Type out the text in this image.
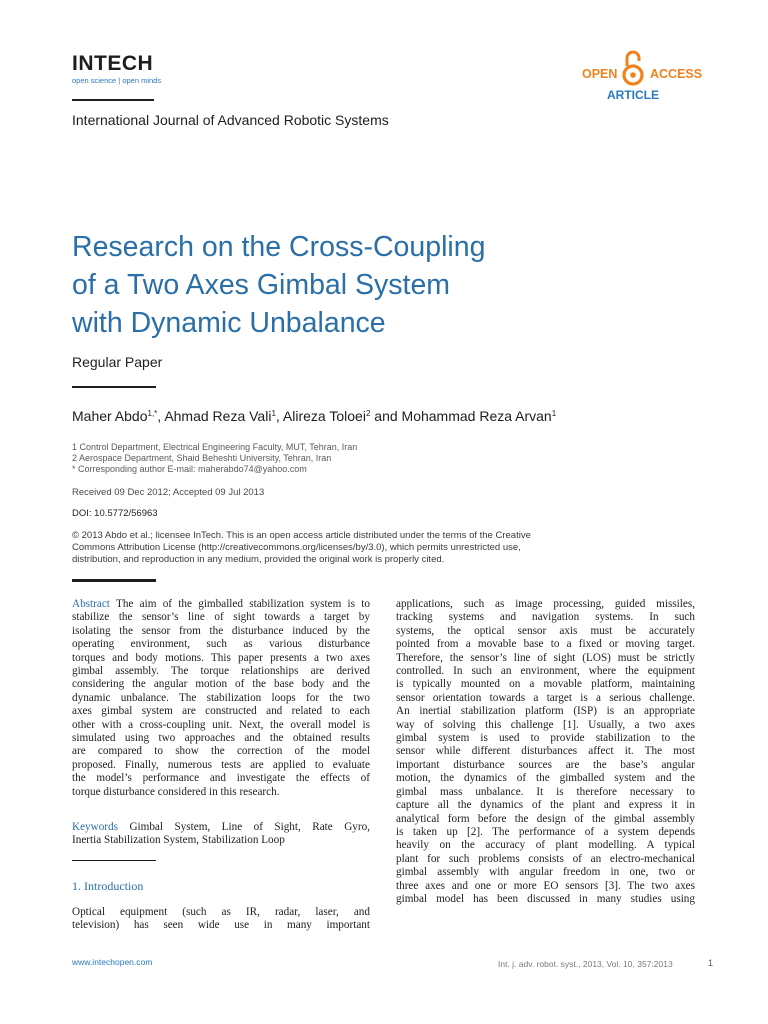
INTECH
open science | open minds	OPEN	ACCESS
ARTICLE
International Journal of Advanced Robotic Systems
Research on the Cross-Coupling
of a Two Axes Gimbal System
with Dynamic Unbalance
Regular Paper
Maher Abdo$^{1,*}$, Ahmad Reza Vali$^1$, Alireza Toloei$^2$ and Mohammad Reza Arvan$^1$
1 Control Department, Electrical Engineering Faculty, MUT, Tehran, Iran
2 Aerospace Department, Shaid Beheshti University, Tehran, Iran
* Corresponding author E-mail: maherabdo74@yahoo.com
Received 09 Dec 2012; Accepted 09 Jul 2013
DOI: 10.5772/56963
© 2013 Abdo et al.; licensee InTech. This is an open access article distributed under the terms of the Creative
Commons Attribution License (http://creativecommons.org/licenses/by/3.0), which permits unrestricted use,
distribution, and reproduction in any medium, provided the original work is properly cited.
Abstract The aim of the gimballed stabilization system is to
stabilize the sensor’s line of sight towards a target by
isolating the sensor from the disturbance induced by the
operating environment, such as various disturbance
torques and body motions. This paper presents a two axes
gimbal assembly. The torque relationships are derived
considering the angular motion of the base body and the
dynamic unbalance. The stabilization loops for the two
axes gimbal system are constructed and related to each
other with a cross-coupling unit. Next, the overall model is
simulated using two approaches and the obtained results
are compared to show the correction of the model
proposed. Finally, numerous tests are applied to evaluate
the model’s performance and investigate the effects of
torque disturbance considered in this research.
Keywords Gimbal System, Line of Sight, Rate Gyro,
Inertia Stabilization System, Stabilization Loop
1. Introduction
Optical equipment (such as IR, radar, laser, and
television) has seen wide use in many important
applications, such as image processing, guided missiles,
tracking systems and navigation systems. In such
systems, the optical sensor axis must be accurately
pointed from a movable base to a fixed or moving target.
Therefore, the sensor’s line of sight (LOS) must be strictly
controlled. In such an environment, where the equipment
is typically mounted on a movable platform, maintaining
sensor orientation towards a target is a serious challenge.
An inertial stabilization platform (ISP) is an appropriate
way of solving this challenge [1]. Usually, a two axes
gimbal system is used to provide stabilization to the
sensor while different disturbances affect it. The most
important disturbance sources are the base’s angular
motion, the dynamics of the gimballed system and the
gimbal mass unbalance. It is therefore necessary to
capture all the dynamics of the plant and express it in
analytical form before the design of the gimbal assembly
is taken up [2]. The performance of a system depends
heavily on the accuracy of plant modelling. A typical
plant for such problems consists of an electro-mechanical
gimbal assembly with angular freedom in one, two or
three axes and one or more EO sensors [3]. The two axes
gimbal model has been discussed in many studies using
www.intechopen.com	Int. j. adv. robot. syst., 2013, Vol. 10, 357:2013	1
